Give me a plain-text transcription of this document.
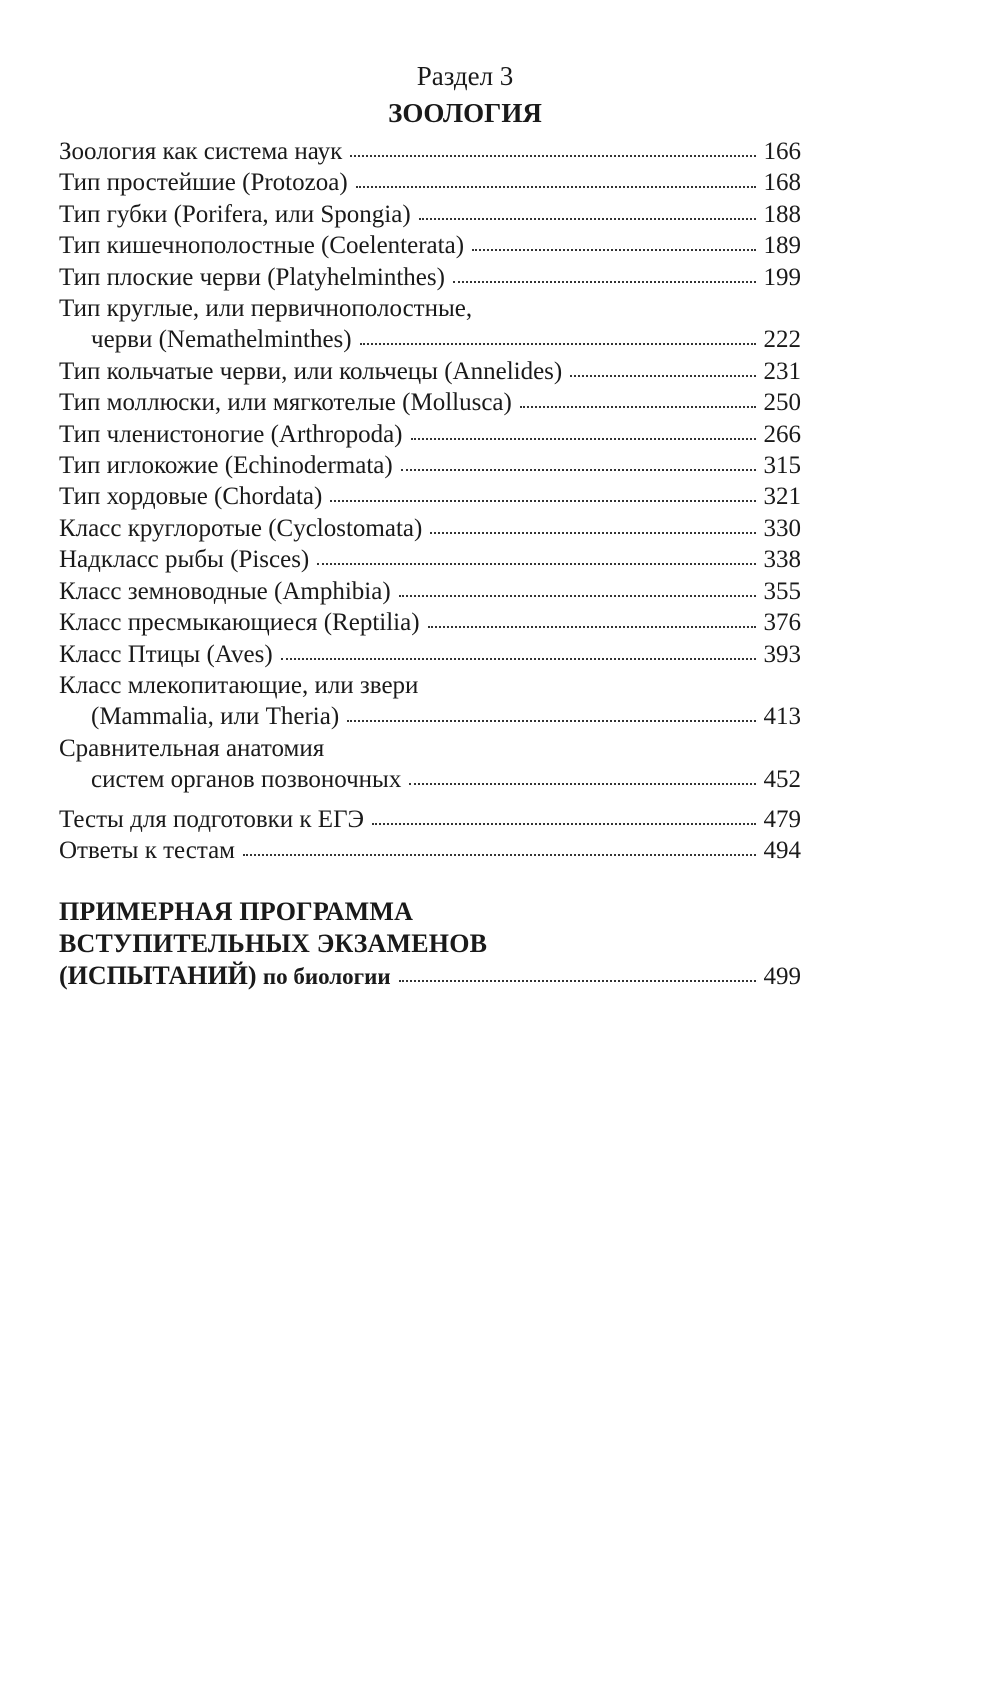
Раздел 3
ЗООЛОГИЯ
Зоология как система наук	166
Тип простейшие (Protozoa)	168
Тип губки (Porifera, или Spongia)	188
Тип кишечнополостные (Coelenterata)	189
Тип плоские черви (Platyhelminthes)	199
Тип круглые, или первичнополостные,
черви (Nemathelminthes)	222
Тип кольчатые черви, или кольчецы (Annelides)	231
Тип моллюски, или мягкотелые (Mollusca)	250
Тип членистоногие (Arthropoda)	266
Тип иглокожие (Echinodermata)	315
Тип хордовые (Chordata)	321
Класс круглоротые (Cyclostomata)	330
Надкласс рыбы (Pisces)	338
Класс земноводные (Amphibia)	355
Класс пресмыкающиеся (Reptilia)	376
Класс Птицы (Aves)	393
Класс млекопитающие, или звери
(Mammalia, или Theria)	413
Сравнительная анатомия
систем органов позвоночных	452
Тесты для подготовки к ЕГЭ	479
Ответы к тестам	494
ПРИМЕРНАЯ ПРОГРАММА
ВСТУПИТЕЛЬНЫХ ЭКЗАМЕНОВ
(ИСПЫТАНИЙ) по биологии	499
